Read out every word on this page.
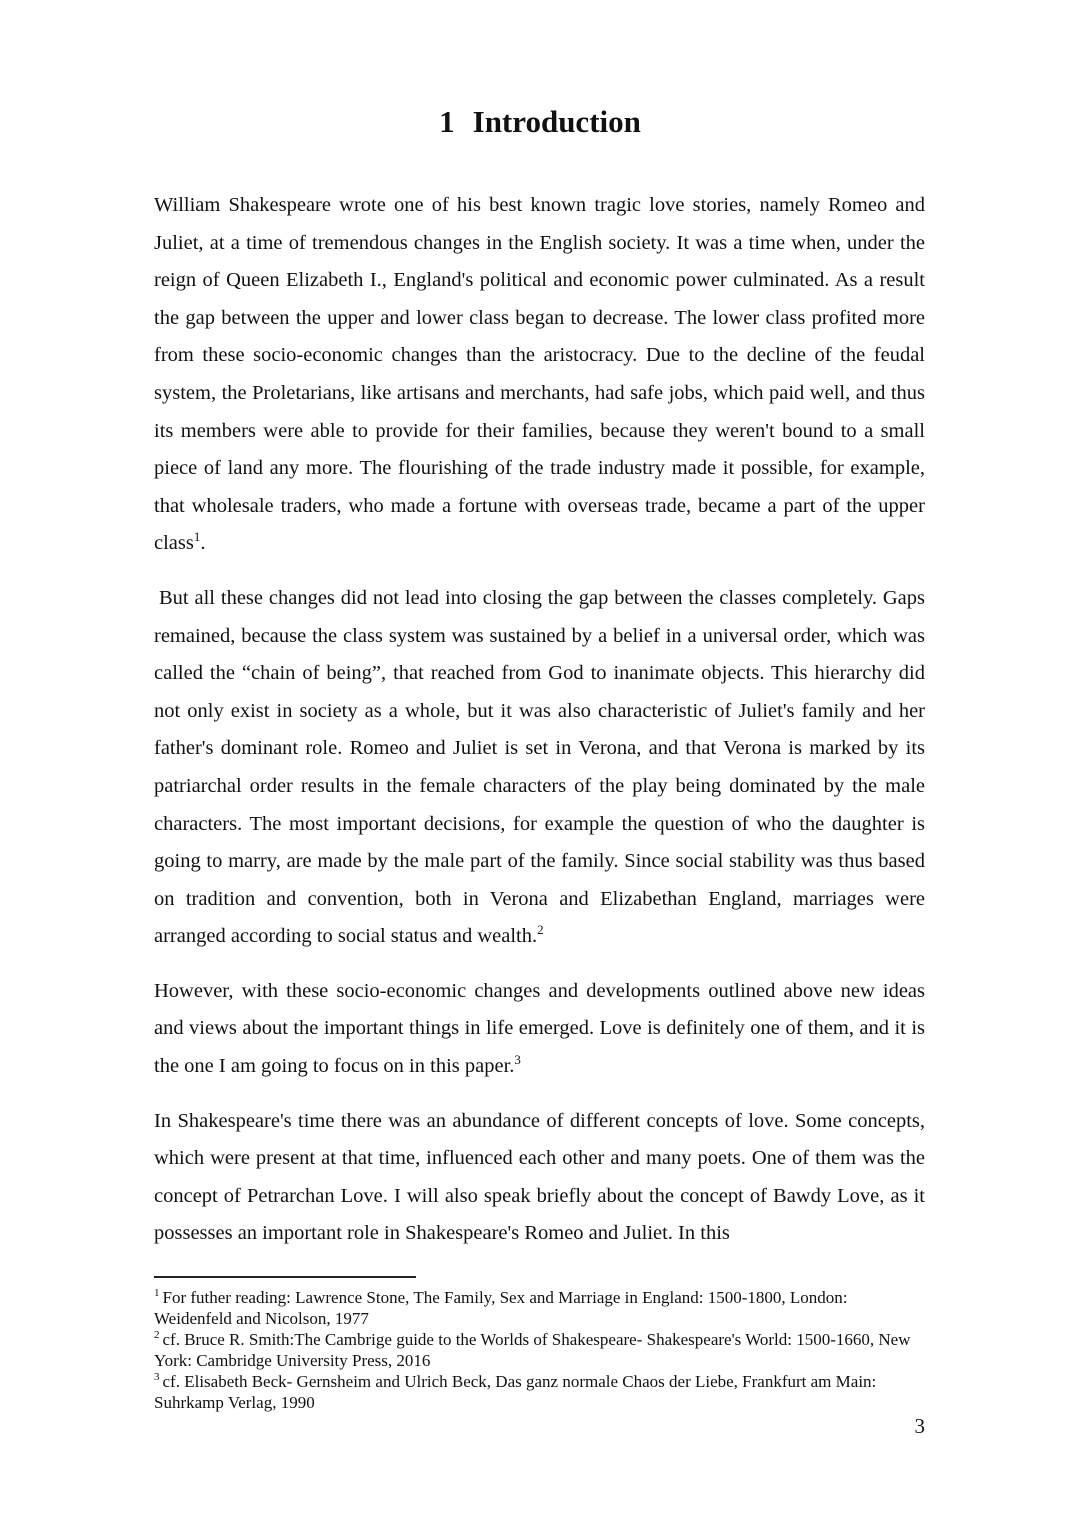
1 Introduction

William Shakespeare wrote one of his best known tragic love stories, namely Romeo and Juliet, at a time of tremendous changes in the English society. It was a time when, under the reign of Queen Elizabeth I., England's political and economic power culminated. As a result the gap between the upper and lower class began to decrease. The lower class profited more from these socio-economic changes than the aristocracy. Due to the decline of the feudal system, the Proletarians, like artisans and merchants, had safe jobs, which paid well, and thus its members were able to provide for their families, because they weren't bound to a small piece of land any more. The flourishing of the trade industry made it possible, for example, that wholesale traders, who made a fortune with overseas trade, became a part of the upper class$^1$.

But all these changes did not lead into closing the gap between the classes completely. Gaps remained, because the class system was sustained by a belief in a universal order, which was called the “chain of being”, that reached from God to inanimate objects. This hierarchy did not only exist in society as a whole, but it was also characteristic of Juliet's family and her father's dominant role. Romeo and Juliet is set in Verona, and that Verona is marked by its patriarchal order results in the female characters of the play being dominated by the male characters. The most important decisions, for example the question of who the daughter is going to marry, are made by the male part of the family. Since social stability was thus based on tradition and convention, both in Verona and Elizabethan England, marriages were arranged according to social status and wealth.$^2$

However, with these socio-economic changes and developments outlined above new ideas and views about the important things in life emerged. Love is definitely one of them, and it is the one I am going to focus on in this paper.$^3$

In Shakespeare's time there was an abundance of different concepts of love. Some concepts, which were present at that time, influenced each other and many poets. One of them was the concept of Petrarchan Love. I will also speak briefly about the concept of Bawdy Love, as it possesses an important role in Shakespeare's Romeo and Juliet. In this

$^1$ For futher reading: Lawrence Stone, The Family, Sex and Marriage in England: 1500-1800, London: Weidenfeld and Nicolson, 1977

$^2$ cf. Bruce R. Smith:The Cambrige guide to the Worlds of Shakespeare- Shakespeare's World: 1500-1660, New York: Cambridge University Press, 2016

$^3$ cf. Elisabeth Beck- Gernsheim and Ulrich Beck, Das ganz normale Chaos der Liebe, Frankfurt am Main: Suhrkamp Verlag, 1990

3
